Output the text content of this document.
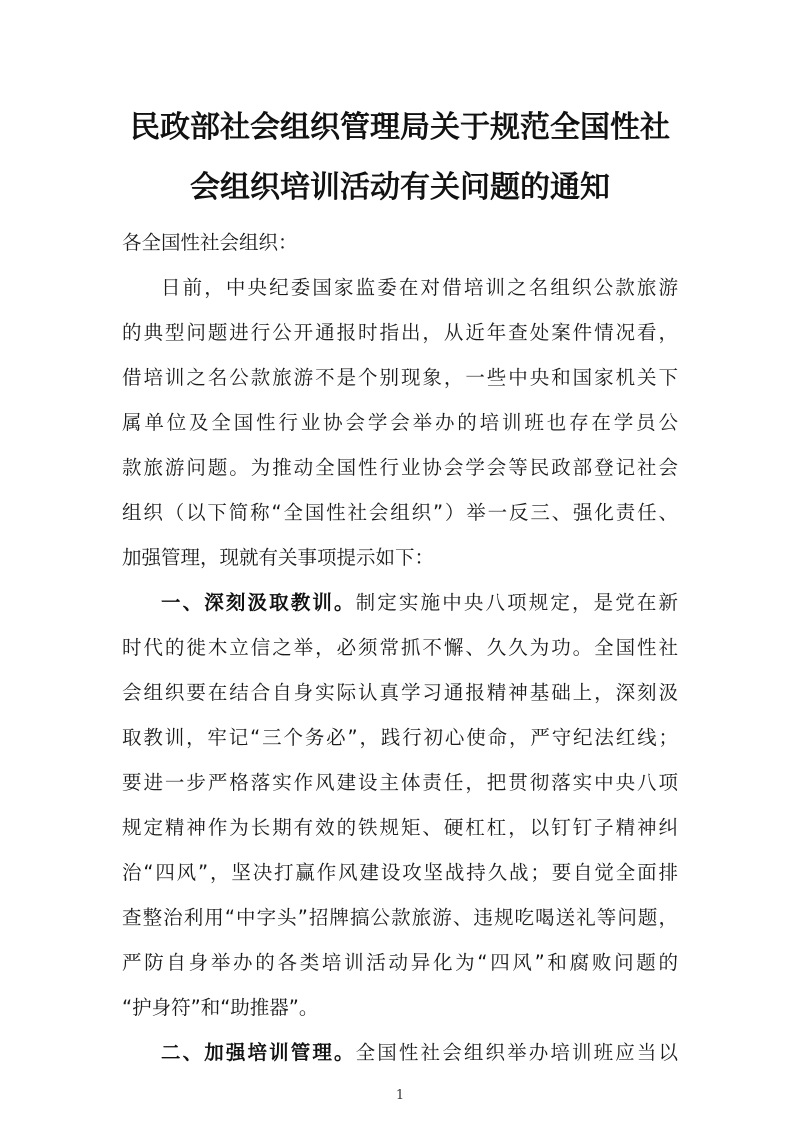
民政部社会组织管理局关于规范全国性社
会组织培训活动有关问题的通知
各全国性社会组织：
日前，中央纪委国家监委在对借培训之名组织公款旅游
的典型问题进行公开通报时指出，从近年查处案件情况看，
借培训之名公款旅游不是个别现象，一些中央和国家机关下
属单位及全国性行业协会学会举办的培训班也存在学员公
款旅游问题。为推动全国性行业协会学会等民政部登记社会
组织（以下简称“全国性社会组织”）举一反三、强化责任、
加强管理，现就有关事项提示如下：
一、深刻汲取教训。制定实施中央八项规定，是党在新
时代的徙木立信之举，必须常抓不懈、久久为功。全国性社
会组织要在结合自身实际认真学习通报精神基础上，深刻汲
取教训，牢记“三个务必”，践行初心使命，严守纪法红线；
要进一步严格落实作风建设主体责任，把贯彻落实中央八项
规定精神作为长期有效的铁规矩、硬杠杠，以钉钉子精神纠
治“四风”，坚决打赢作风建设攻坚战持久战；要自觉全面排
查整治利用“中字头”招牌搞公款旅游、违规吃喝送礼等问题，
严防自身举办的各类培训活动异化为“四风”和腐败问题的
“护身符”和“助推器”。
二、加强培训管理。全国性社会组织举办培训班应当以
1
